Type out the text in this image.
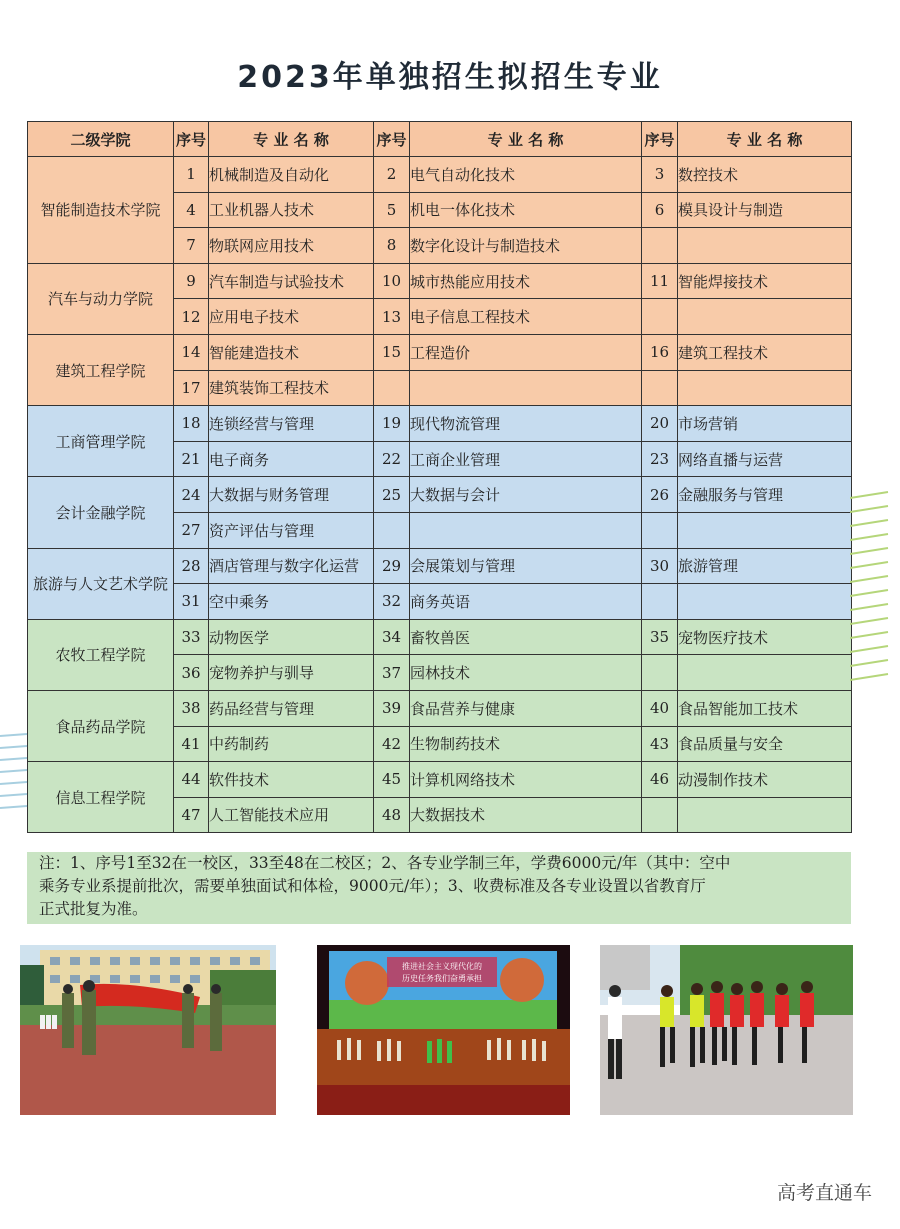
2023年单独招生拟招生专业
二级学院	序号	专 业 名 称	序号	专 业 名 称	序号	专 业 名 称
智能制造技术学院	1	机械制造及自动化	2	电气自动化技术	3	数控技术
	4	工业机器人技术	5	机电一体化技术	6	模具设计与制造
	7	物联网应用技术	8	数字化设计与制造技术		
汽车与动力学院	9	汽车制造与试验技术	10	城市热能应用技术	11	智能焊接技术
	12	应用电子技术	13	电子信息工程技术		
建筑工程学院	14	智能建造技术	15	工程造价	16	建筑工程技术
	17	建筑装饰工程技术				
工商管理学院	18	连锁经营与管理	19	现代物流管理	20	市场营销
	21	电子商务	22	工商企业管理	23	网络直播与运营
会计金融学院	24	大数据与财务管理	25	大数据与会计	26	金融服务与管理
	27	资产评估与管理				
旅游与人文艺术学院	28	酒店管理与数字化运营	29	会展策划与管理	30	旅游管理
	31	空中乘务	32	商务英语		
农牧工程学院	33	动物医学	34	畜牧兽医	35	宠物医疗技术
	36	宠物养护与驯导	37	园林技术		
食品药品学院	38	药品经营与管理	39	食品营养与健康	40	食品智能加工技术
	41	中药制药	42	生物制药技术	43	食品质量与安全
信息工程学院	44	软件技术	45	计算机网络技术	46	动漫制作技术
	47	人工智能技术应用	48	大数据技术		
注：1、序号1至32在一校区，33至48在二校区；2、各专业学制三年，学费6000元/年（其中：空中
乘务专业系提前批次，需要单独面试和体检，9000元/年）；3、收费标准及各专业设置以省教育厅
正式批复为准。
推进社会主义现代化的
历史任务我们奋勇承担
高考直通车
